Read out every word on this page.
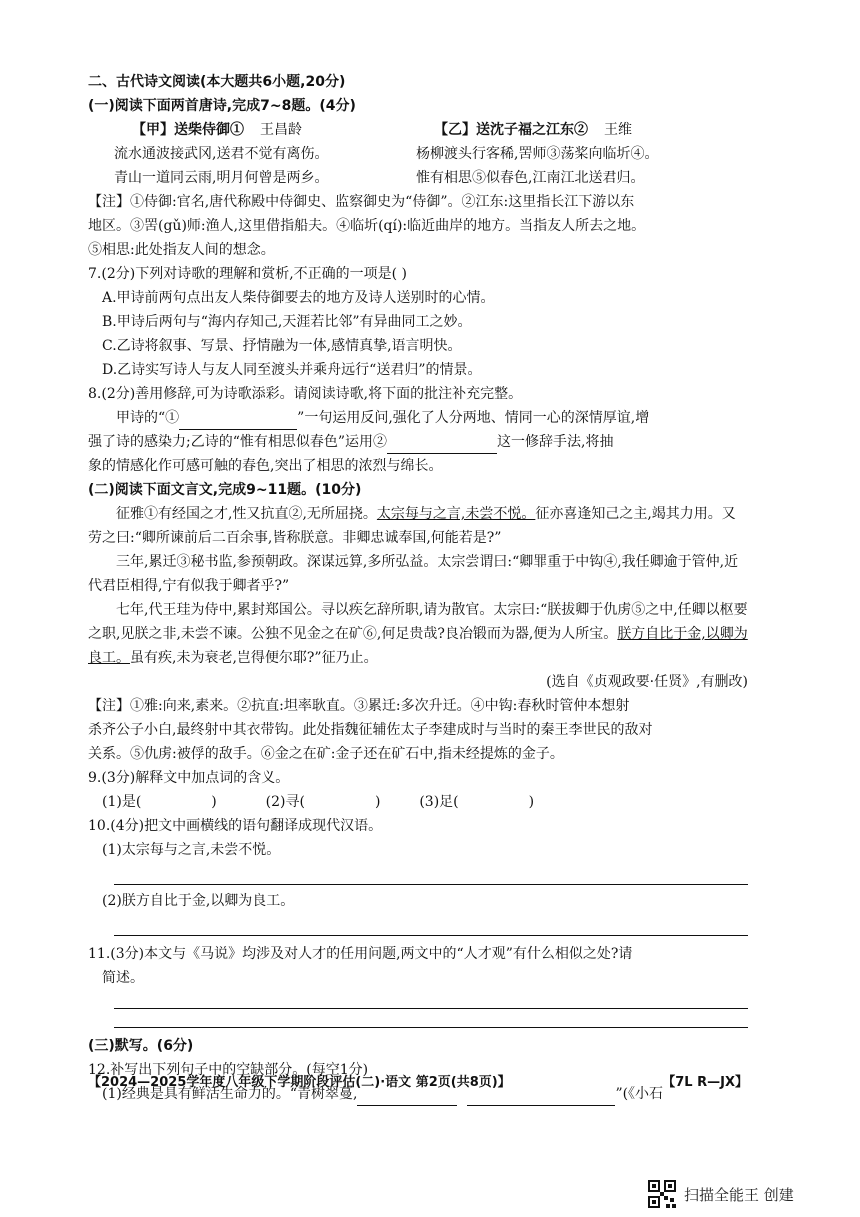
二、古代诗文阅读(本大题共6小题,20分)
(一)阅读下面两首唐诗,完成7~8题。(4分)
【甲】送柴侍御① 王昌龄
流水通波接武冈,送君不觉有离伤。
青山一道同云雨,明月何曾是两乡。
【乙】送沈子福之江东② 王维
杨柳渡头行客稀,罟师③荡桨向临圻④。
惟有相思⑤似春色,江南江北送君归。
【注】①侍御:官名,唐代称殿中侍御史、监察御史为“侍御”。②江东:这里指长江下游以东
地区。③罟(gǔ)师:渔人,这里借指船夫。④临圻(qí):临近曲岸的地方。当指友人所去之地。
⑤相思:此处指友人间的想念。
7.(2分)下列对诗歌的理解和赏析,不正确的一项是( )
A.甲诗前两句点出友人柴侍御要去的地方及诗人送别时的心情。
B.甲诗后两句与“海内存知己,天涯若比邻”有异曲同工之妙。
C.乙诗将叙事、写景、抒情融为一体,感情真挚,语言明快。
D.乙诗实写诗人与友人同至渡头并乘舟远行“送君归”的情景。
8.(2分)善用修辞,可为诗歌添彩。请阅读诗歌,将下面的批注补充完整。
甲诗的“①	”一句运用反问,强化了人分两地、情同一心的深情厚谊,增
强了诗的感染力;乙诗的“惟有相思似春色”运用②	这一修辞手法,将抽
象的情感化作可感可触的春色,突出了相思的浓烈与绵长。
(二)阅读下面文言文,完成9~11题。(10分)
征雅①有经国之才,性又抗直②,无所屈挠。太宗每与之言,未尝不悦。征亦喜逢知己之主,竭其力用。又劳之曰:“卿所谏前后二百余事,皆称朕意。非卿忠诚奉国,何能若是?”
三年,累迁③秘书监,参预朝政。深谋远算,多所弘益。太宗尝谓曰:“卿罪重于中钩④,我任卿逾于管仲,近代君臣相得,宁有似我于卿者乎?”
七年,代王珪为侍中,累封郑国公。寻以疾乞辞所职,请为散官。太宗曰:“朕拔卿于仇虏⑤之中,任卿以枢要之职,见朕之非,未尝不谏。公独不见金之在矿⑥,何足贵哉?良冶锻而为器,便为人所宝。朕方自比于金,以卿为良工。虽有疾,未为衰老,岂得便尔耶?”征乃止。
(选自《贞观政要·任贤》,有删改)
【注】①雅:向来,素来。②抗直:坦率耿直。③累迁:多次升迁。④中钩:春秋时管仲本想射
杀齐公子小白,最终射中其衣带钩。此处指魏征辅佐太子李建成时与当时的秦王李世民的敌对
关系。⑤仇虏:被俘的敌手。⑥金之在矿:金子还在矿石中,指未经提炼的金子。
9.(3分)解释文中加点词的含义。
(1)是(	)	(2)寻(	)	(3)足(	)
10.(4分)把文中画横线的语句翻译成现代汉语。
(1)太宗每与之言,未尝不悦。
(2)朕方自比于金,以卿为良工。
11.(3分)本文与《马说》均涉及对人才的任用问题,两文中的“人才观”有什么相似之处?请
简述。
(三)默写。(6分)
12.补写出下列句子中的空缺部分。(每空1分)
(1)经典是具有鲜活生命力的。“青树翠蔓,	”(《小石
【2024—2025学年度八年级下学期阶段评估(二)·语文 第2页(共8页)】	【7L R—JX】
扫描全能王 创建
